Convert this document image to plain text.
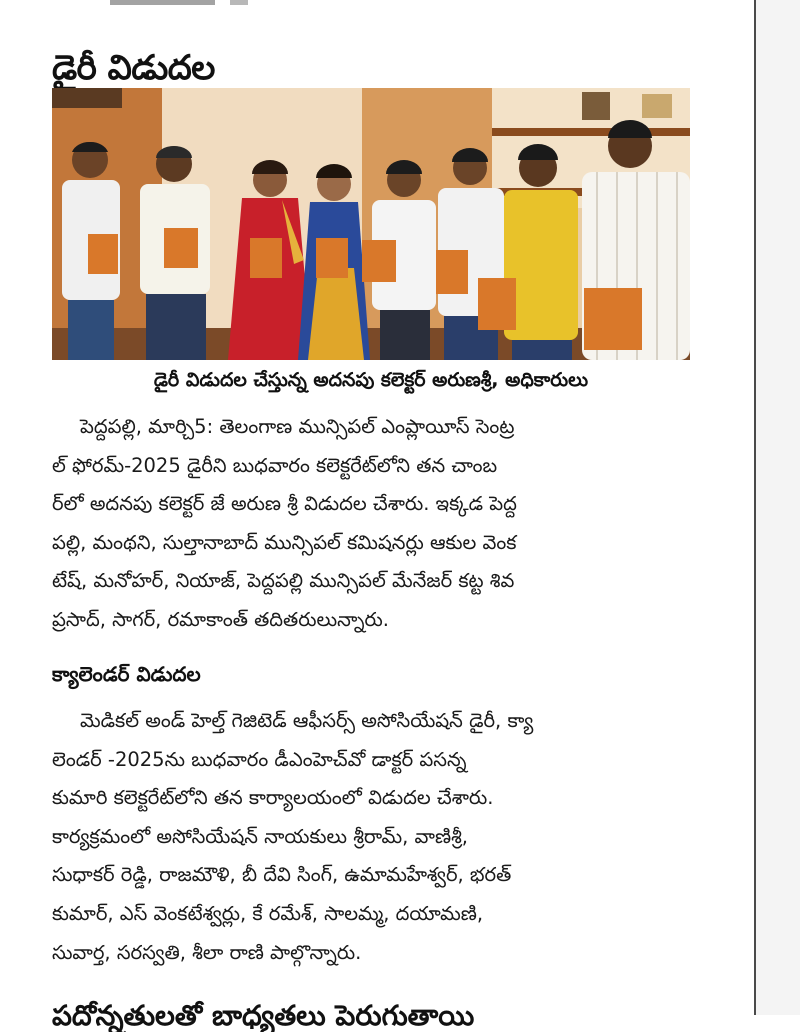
డైరీ విడుదల
డైరీ విడుదల చేస్తున్న అదనపు కలెక్టర్ అరుణశ్రీ, అధికారులు
పెద్దపల్లి, మార్చి5: తెలంగాణ మున్సిపల్ ఎంప్లాయీస్ సెంట్ర
ల్ ఫోరమ్-2025 డైరీని బుధవారం కలెక్టరేట్‌లోని తన చాంబ
ర్‌లో అదనపు కలెక్టర్ జే అరుణ శ్రీ విడుదల చేశారు. ఇక్కడ పెద్ద
పల్లి, మంథని, సుల్తానాబాద్ మున్సిపల్ కమిషనర్లు ఆకుల వెంక
టేష్, మనోహర్, నియాజ్, పెద్దపల్లి మున్సిపల్ మేనేజర్ కట్ట శివ
ప్రసాద్, సాగర్, రమాకాంత్ తదితరులున్నారు.
క్యాలెండర్ విడుదల
మెడికల్ అండ్ హెల్త్ గెజిటెడ్ ఆఫీసర్స్ అసోసియేషన్ డైరీ, క్యా
లెండర్ -2025ను బుధవారం డీఎంహెచ్‌వో డాక్టర్ పసన్న
కుమారి కలెక్టరేట్‌లోని తన కార్యాలయంలో విడుదల చేశారు.
కార్యక్రమంలో అసోసియేషన్ నాయకులు శ్రీరామ్, వాణిశ్రీ,
సుధాకర్ రెడ్డి, రాజమౌళి, బీ దేవి సింగ్, ఉమామహేశ్వర్, భరత్
కుమార్, ఎస్ వెంకటేశ్వర్లు, కే రమేశ్, సాలమ్మ, దయామణి,
సువార్త, సరస్వతి, శీలా రాణి పాల్గొన్నారు.
పదోన్నతులతో బాధ్యతలు పెరుగుతాయి
